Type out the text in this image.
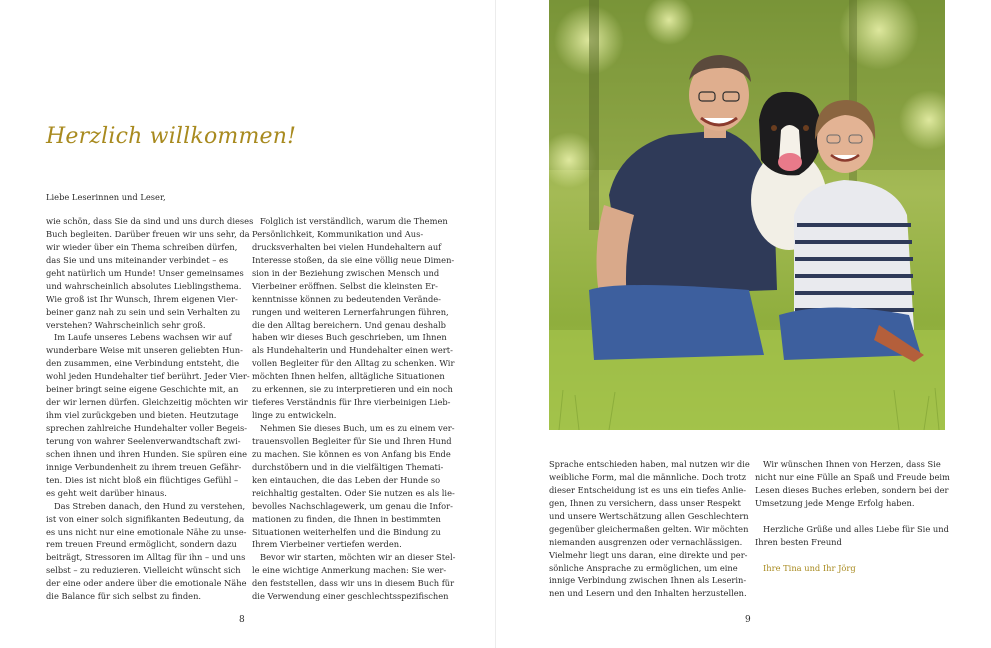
Herzlich willkommen!
Liebe Leserinnen und Leser,
wie schön, dass Sie da sind und uns durch dieses
Buch begleiten. Darüber freuen wir uns sehr, da
wir wieder über ein Thema schreiben dürfen,
das Sie und uns miteinander verbindet – es
geht natürlich um Hunde! Unser gemeinsames
und wahrscheinlich absolutes Lieblingsthema.
Wie groß ist Ihr Wunsch, Ihrem eigenen Vier-
beiner ganz nah zu sein und sein Verhalten zu
verstehen? Wahrscheinlich sehr groß.
Im Laufe unseres Lebens wachsen wir auf
wunderbare Weise mit unseren geliebten Hun-
den zusammen, eine Verbindung entsteht, die
wohl jeden Hundehalter tief berührt. Jeder Vier-
beiner bringt seine eigene Geschichte mit, an
der wir lernen dürfen. Gleichzeitig möchten wir
ihm viel zurückgeben und bieten. Heutzutage
sprechen zahlreiche Hundehalter voller Begeis-
terung von wahrer Seelenverwandtschaft zwi-
schen ihnen und ihren Hunden. Sie spüren eine
innige Verbundenheit zu ihrem treuen Gefähr-
ten. Dies ist nicht bloß ein flüchtiges Gefühl –
es geht weit darüber hinaus.
Das Streben danach, den Hund zu verstehen,
ist von einer solch signifikanten Bedeutung, da
es uns nicht nur eine emotionale Nähe zu unse-
rem treuen Freund ermöglicht, sondern dazu
beiträgt, Stressoren im Alltag für ihn – und uns
selbst – zu reduzieren. Vielleicht wünscht sich
der eine oder andere über die emotionale Nähe
die Balance für sich selbst zu finden.
Folglich ist verständlich, warum die Themen
Persönlichkeit, Kommunikation und Aus-
drucksverhalten bei vielen Hundehaltern auf
Interesse stoßen, da sie eine völlig neue Dimen-
sion in der Beziehung zwischen Mensch und
Vierbeiner eröffnen. Selbst die kleinsten Er-
kenntnisse können zu bedeutenden Verände-
rungen und weiteren Lernerfahrungen führen,
die den Alltag bereichern. Und genau deshalb
haben wir dieses Buch geschrieben, um Ihnen
als Hundehalterin und Hundehalter einen wert-
vollen Begleiter für den Alltag zu schenken. Wir
möchten Ihnen helfen, alltägliche Situationen
zu erkennen, sie zu interpretieren und ein noch
tieferes Verständnis für Ihre vierbeinigen Lieb-
linge zu entwickeln.
Nehmen Sie dieses Buch, um es zu einem ver-
trauensvollen Begleiter für Sie und Ihren Hund
zu machen. Sie können es von Anfang bis Ende
durchstöbern und in die vielfältigen Themati-
ken eintauchen, die das Leben der Hunde so
reichhaltig gestalten. Oder Sie nutzen es als lie-
bevolles Nachschlagewerk, um genau die Infor-
mationen zu finden, die Ihnen in bestimmten
Situationen weiterhelfen und die Bindung zu
Ihrem Vierbeiner vertiefen werden.
Bevor wir starten, möchten wir an dieser Stel-
le eine wichtige Anmerkung machen: Sie wer-
den feststellen, dass wir uns in diesem Buch für
die Verwendung einer geschlechtsspezifischen
Sprache entschieden haben, mal nutzen wir die
weibliche Form, mal die männliche. Doch trotz
dieser Entscheidung ist es uns ein tiefes Anlie-
gen, Ihnen zu versichern, dass unser Respekt
und unsere Wertschätzung allen Geschlechtern
gegenüber gleichermaßen gelten. Wir möchten
niemanden ausgrenzen oder vernachlässigen.
Vielmehr liegt uns daran, eine direkte und per-
sönliche Ansprache zu ermöglichen, um eine
innige Verbindung zwischen Ihnen als Leserin-
nen und Lesern und den Inhalten herzustellen.
Wir wünschen Ihnen von Herzen, dass Sie
nicht nur eine Fülle an Spaß und Freude beim
Lesen dieses Buches erleben, sondern bei der
Umsetzung jede Menge Erfolg haben.
Herzliche Grüße und alles Liebe für Sie und
Ihren besten Freund
Ihre Tina und Ihr Jörg
8	9
